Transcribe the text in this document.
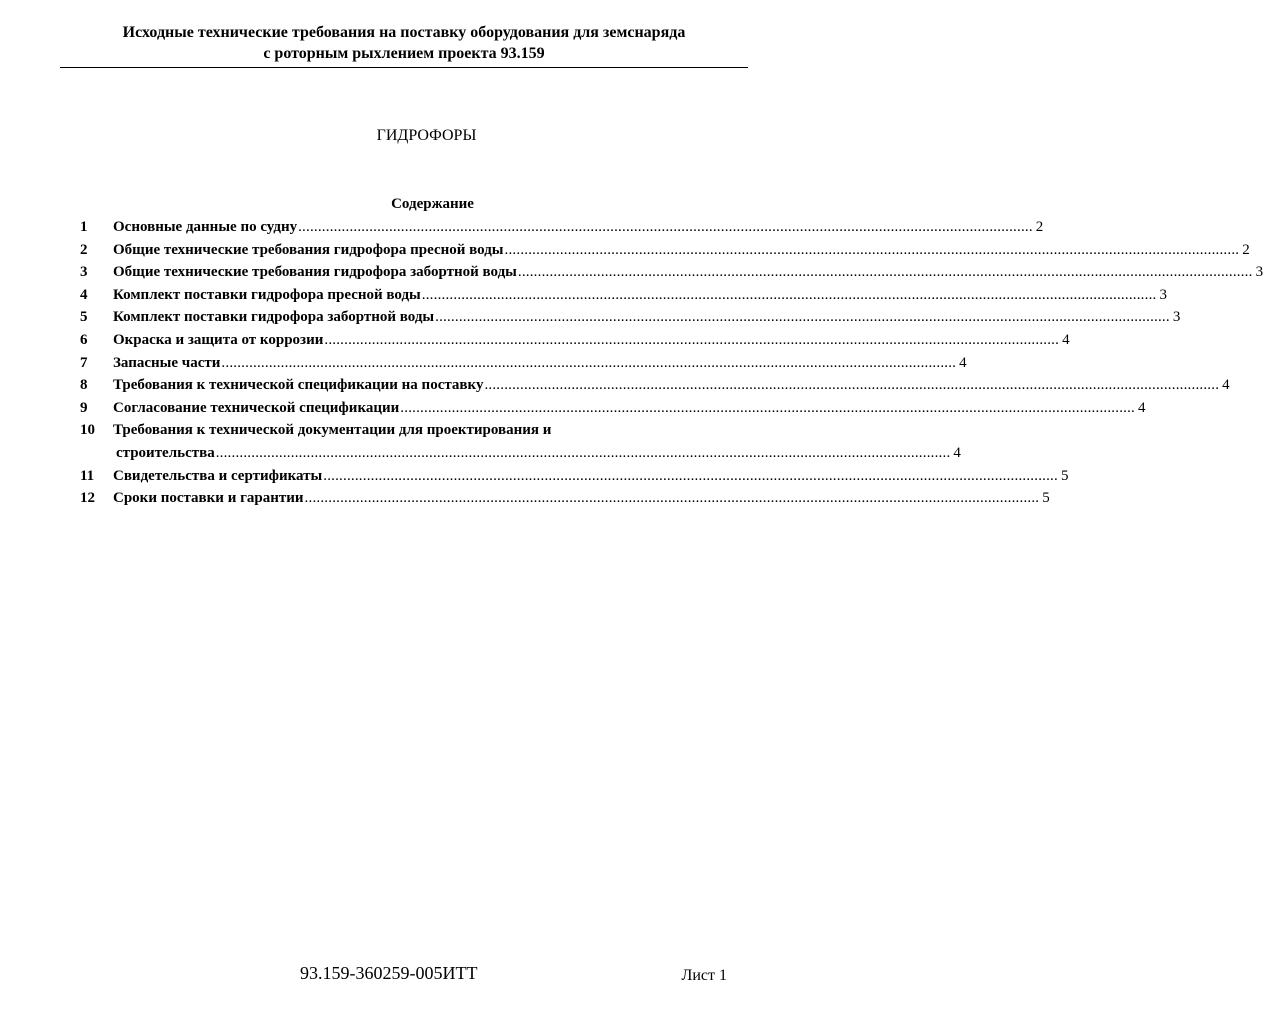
Исходные технические требования на поставку оборудования для земснаряда
с роторным рыхлением проекта 93.159
ГИДРОФОРЫ
Содержание
1	Основные данные по судну .......................................................................................................................................................................................... 2
2	Общие технические требования гидрофора пресной воды .......................................................................................................................................................................................... 2
3	Общие технические требования гидрофора забортной воды .......................................................................................................................................................................................... 3
4	Комплект поставки гидрофора пресной воды .......................................................................................................................................................................................... 3
5	Комплект поставки гидрофора забортной воды .......................................................................................................................................................................................... 3
6	Окраска и защита от коррозии .......................................................................................................................................................................................... 4
7	Запасные части .......................................................................................................................................................................................... 4
8	Требования к технической спецификации на поставку .......................................................................................................................................................................................... 4
9	Согласование технической спецификации .......................................................................................................................................................................................... 4
10	Требования к технической документации для проектирования и
строительства .......................................................................................................................................................................................... 4
11	Свидетельства и сертификаты .......................................................................................................................................................................................... 5
12	Сроки поставки и гарантии .......................................................................................................................................................................................... 5
93.159-360259-005ИТТ	Лист 1
